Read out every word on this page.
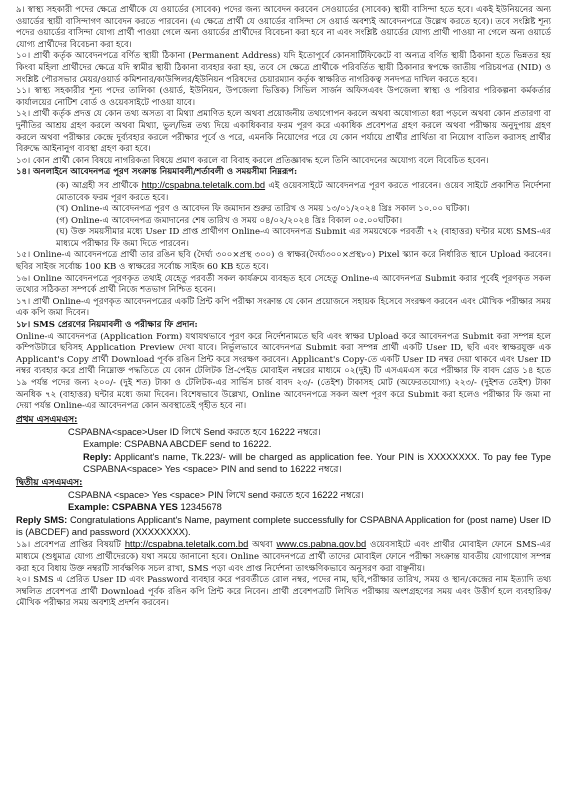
৯। স্বাস্থ্য সহকারী পদের ক্ষেত্রে প্রার্থীকে যে ওয়ার্ডের (সাবেক) পদের জন্য আবেদন করবেন সেওয়ার্ডের (সাবেক) স্থায়ী বাসিন্দা হতে হবে। একই ইউনিয়নের অন্য ওয়ার্ডের স্থায়ী বাসিন্দাগণ আবেদন করতে পারবেন। (এ ক্ষেত্রে প্রার্থী যে ওয়ার্ডের বাসিন্দা সে ওয়ার্ড অবশ্যই আবেদনপত্রে উল্লেখ করতে হবে)। তবে সংশ্লিষ্ট শূন্য পদের ওয়ার্ডের বাসিন্দা যোগ্য প্রার্থী পাওয়া গেলে অন্য ওয়ার্ডের প্রার্থীদের বিবেচনা করা হবে না এবং সংশ্লিষ্ট ওয়ার্ডের যোগ্য প্রার্থী পাওয়া না গেলে অন্য ওয়ার্ডে যোগ্য প্রার্থীদের বিবেচনা করা হবে।

১০। প্রার্থী কর্তৃক আবেদনপত্রে বর্ণিত স্থায়ী ঠিকানা (Permanent Address) যদি ইতোপূর্বে কোনসার্টিফিকেটে বা অন্যত্র বর্ণিত স্থায়ী ঠিকানা হতে ভিন্নতর হয় কিংবা মহিলা প্রার্থীদের ক্ষেত্রে যদি স্বামীর স্থায়ী ঠিকানা ব্যবহার করা হয়, তবে সে ক্ষেত্রে প্রার্থীকে পরিবর্তিত স্থায়ী ঠিকানার স্বপক্ষে জাতীয় পরিচয়পত্র (NID) ও সংশ্লিষ্ট পৌরসভার মেয়র/ওয়ার্ড কমিশনার/কাউন্সিলর/ইউনিয়ন পরিষদের চেয়ারম্যান কর্তৃক স্বাক্ষরিত নাগরিকত্ব সনদপত্র দাখিল করতে হবে।

১১। স্বাস্থ্য সহকারীর শূন্য পদের তালিকা (ওয়ার্ড, ইউনিয়ন, উপজেলা ভিত্তিক) সিভিল সার্জন অফিসএবং উপজেলা স্বাস্থ্য ও পরিবার পরিকল্পনা কর্মকর্তার কার্যালয়ের নোটিশ বোর্ড ও ওয়েবসাইটে পাওয়া যাবে।

১২। প্রার্থী কর্তৃক প্রদত্ত যে কোন তথ্য অসত্য বা মিথ্যা প্রমাণিত হলে অথবা প্রয়োজনীয় তথ্যগোপন করলে অথবা অযোগ্যতা ধরা পড়লে অথবা কোন প্রতারণা বা দুর্নীতির আশ্রয় গ্রহণ করলে অথবা মিথ্যা, ভুল/ভিন্ন তথ্য দিয়ে একাধিকবার ফরম পূরণ করে একাধিক প্রবেশপত্র গ্রহণ করলে অথবা পরীক্ষায় অনুদুপায় গ্রহণ করলে অথবা পরীক্ষার কেন্দ্রে দুর্ব্যবহার করলে পরীক্ষার পূর্বে ও পরে, এমনকি নিয়োগের পরে যে কোন পর্যায়ে প্রার্থীর প্রার্থিতা বা নিয়োগ বাতিল করাসহ প্রার্থীর বিরুদ্ধে আইনানুগ ব্যবস্থা গ্রহণ করা হবে।

১৩। কোন প্রার্থী কোন বিষয়ে নাগরিকতা বিষয়ে প্রমাণ করলে বা বিবাহ করলে প্রতিজ্ঞাবদ্ধ হলে তিনি আবেদনের অযোগ্য বলে বিবেচিত হবেন।

১৪। অনলাইনে আবেদনপত্র পূরণ সংক্রান্ত নিয়মাবলী/শর্তাবলী ও সময়সীমা নিম্নরূপ:

(ক) আগ্রহী সব প্রার্থীকে http://cspabna.teletalk.com.bd এই ওয়েবসাইটে আবেদনপত্র পূরণ করতে পারবেন। ওয়েব সাইটে প্রকাশিত নির্দেশনা মোতাবেক ফরম পূরণ করতে হবে।

(খ) Online-এ আবেদনপত্র পূরণ ও আবেদন ফি জমাদান শুরুর তারিখ ও সময় ১৩/০১/২০২৪ খ্রিঃ সকাল ১০.০০ ঘটিকা।

(গ) Online-এ আবেদনপত্র জমাদানের শেষ তারিখ ও সময় ০৪/০২/২০২৪ খ্রিঃ বিকাল ০৫.০০ঘটিকা।

(ঘ) উক্ত সময়সীমার মধ্যে User ID প্রাপ্ত প্রার্থীগণ Online-এ আবেদনপত্র Submit এর সময়থেকে পরবর্তী ৭২ (বাহাত্তর) ঘন্টার মধ্যে SMS-এর মাধ্যমে পরীক্ষার ফি জমা দিতে পারবেন।

১৫। Online-এ আবেদনপত্রে প্রার্থী তার রঙিন ছবি (দৈর্ঘ্য ৩০০×প্রস্থ ৩০০) ও স্বাক্ষর(দৈর্ঘ্য৩০০×প্রস্থ৮০) Pixel স্ক্যান করে নির্ধারিত স্থানে Upload করবেন। ছবির সাইজ সর্বোচ্চ 100 KB ও স্বাক্ষরের সর্বোচ্চ সাইজ 60 KB হতে হবে।

১৬। Online আবেদনপত্রে পূরণকৃত তথ্যই যেহেতু পরবর্তী সকল কার্যক্রমে ব্যবহৃত হবে সেহেতু Online-এ আবেদনপত্র Submit করার পূর্বেই পূরণকৃত সকল তথ্যের সঠিকতা সম্পর্কে প্রার্থী নিজে শতভাগ নিশ্চিত হবেন।

১৭। প্রার্থী Online-এ পূরণকৃত আবেদনপত্রের একটি প্রিন্ট কপি পরীক্ষা সংক্রান্ত যে কোন প্রয়োজনে সহায়ক হিসেবে সংরক্ষণ করবেন এবং মৌখিক পরীক্ষার সময় এক কপি জমা দিবেন।

১৮। SMS প্রেরণের নিয়মাবলী ও পরীক্ষার ফি প্রদান:

Online-এ আবেদনপত্র (Application Form) যথাযথভাবে পূরণ করে নির্দেশনামতে ছবি এবং স্বাক্ষর Upload করে আবেদনপত্র Submit করা সম্পন্ন হলে কম্পিউটারে ছবিসহ Application Preview দেখা যাবে। নির্ভুলভাবে আবেদনপত্র Submit করা সম্পন্ন প্রার্থী একটি User ID, ছবি এবং স্বাক্ষরযুক্ত এক Applicant's Copy প্রার্থী Download পূর্বক রঙিন প্রিন্ট করে সংরক্ষণ করবেন। Applicant's Copy-তে একটি User ID নম্বর দেয়া থাকবে এবং User ID নম্বর ব্যবহার করে প্রার্থী নিম্নোক্ত পদ্ধতিতে যে কোন টেলিটক প্রি-পেইড মোবাইল নম্বরের মাধ্যমে ০২(দুই) টি এসএমএস করে পরীক্ষার ফি বাবদ গ্রেড ১৪ হতে ১৯ পর্যন্ত পদের জন্য ২০০/- (দুই শত) টাকা ও টেলিটক-এর সার্ভিস চার্জ বাবদ ২৩/- (তেইশ) টাকাসহ মোট (অফেরতযোগ্য) ২২৩/- (দুইশত তেইশ) টাকা অনধিক ৭২ (বাহাত্তর) ঘন্টার মধ্যে জমা দিবেন। বিশেষভাবে উল্লেখ্য, Online আবেদনপত্রে সকল অংশ পূরণ করে Submit করা হলেও পরীক্ষার ফি জমা না দেয়া পর্যন্ত Online-এর আবেদনপত্র কোন অবস্থাতেই গৃহীত হবে না।

প্রথম এসএমএস:

CSPABNA<space>User ID লিখে Send করতে হবে 16222 নম্বরে।

Example: CSPABNA ABCDEF send to 16222.

Reply: Applicant's name, Tk.223/- will be charged as application fee. Your PIN is XXXXXXXX. To pay fee Type CSPABNA<space> Yes <space> PIN and send to 16222 নম্বরে।

দ্বিতীয় এসএমএস:

CSPABNA <space> Yes <space> PIN লিখে send করতে হবে 16222 নম্বরে।

Example: CSPABNA YES 12345678

Reply SMS: Congratulations Applicant's Name, payment complete successfully for CSPABNA Application for (post name) User ID is (ABCDEF) and password (XXXXXXXX).

১৯। প্রবেশপত্র প্রাপ্তির বিষয়টি http://cspabna.teletalk.com.bd অথবা www.cs.pabna.gov.bd ওয়েবসাইটে এবং প্রার্থীর মোবাইল ফোনে SMS-এর মাধ্যমে (শুধুমাত্র যোগ্য প্রার্থীদেরকে) যথা সময়ে জানানো হবে। Online আবেদনপত্রে প্রার্থী তাদের মোবাইল ফোনে পরীক্ষা সংক্রান্ত যাবতীয় যোগাযোগ সম্পন্ন করা হবে বিধায় উক্ত নম্বরটি সার্বক্ষণিক সচল রাখা, SMS পড়া এবং প্রাপ্ত নির্দেশনা তাৎক্ষণিকভাবে অনুসরণ করা বাঞ্ছনীয়।

২০। SMS এ প্রেরিত User ID এবং Password ব্যবহার করে পরবর্তীতে রোল নম্বর, পদের নাম, ছবি,পরীক্ষার তারিখ, সময় ও স্থান/কেন্দ্রের নাম ইত্যাদি তথ্য সম্বলিত প্রবেশপত্র প্রার্থী Download পূর্বক রঙিন কপি প্রিন্ট করে নিবেন। প্রার্থী প্রবেশপত্রটি লিখিত পরীক্ষায় অংশগ্রহণের সময় এবং উত্তীর্ণ হলে ব্যবহারিক/মৌখিক পরীক্ষার সময় অবশ্যই প্রদর্শন করবেন।
